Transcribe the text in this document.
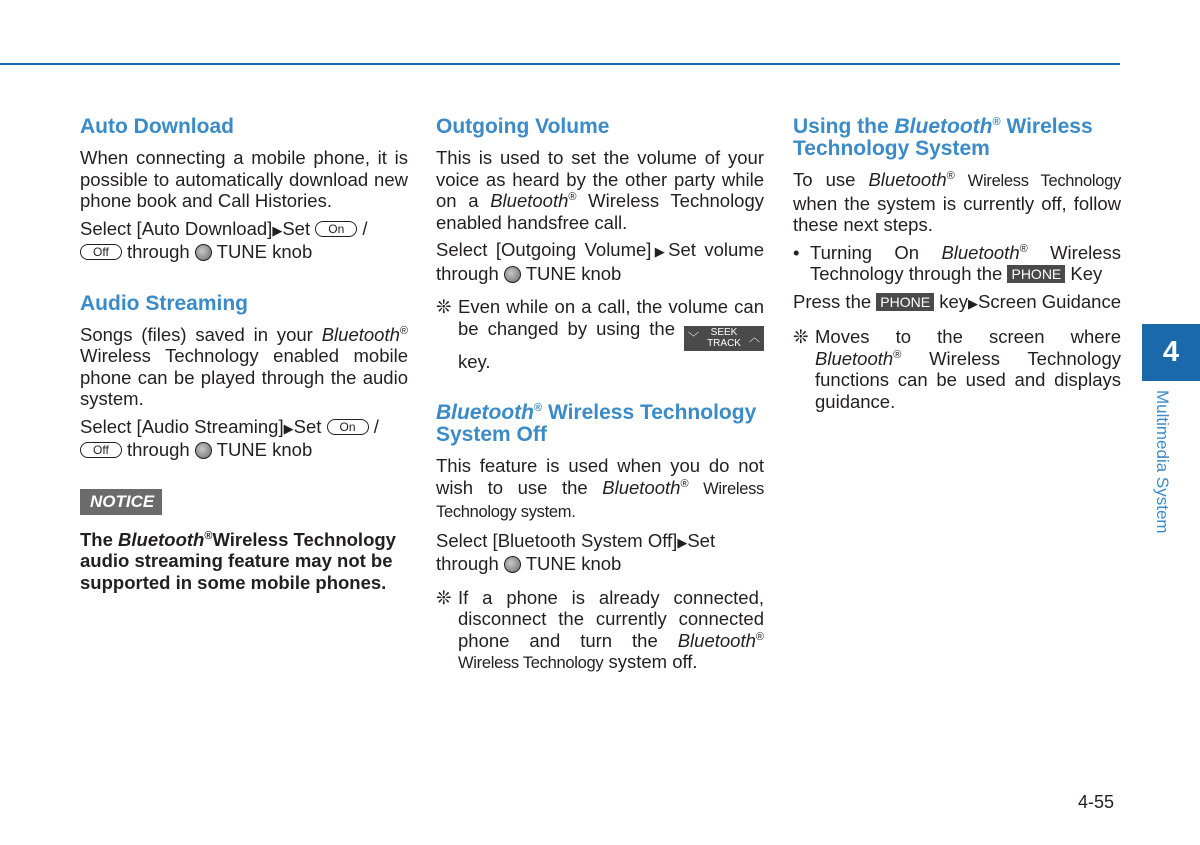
Auto Download

When connecting a mobile phone, it is possible to automatically download new phone book and Call Histories.

Select [Auto Download]▶Set On / Off through TUNE knob

Audio Streaming

Songs (files) saved in your Bluetooth® Wireless Technology enabled mobile phone can be played through the audio system.

Select [Audio Streaming]▶Set On / Off through TUNE knob

NOTICE

The Bluetooth®Wireless Technology audio streaming feature may not be supported in some mobile phones.

Outgoing Volume

This is used to set the volume of your voice as heard by the other party while on a Bluetooth® Wireless Technology enabled handsfree call.

Select [Outgoing Volume]▶Set volume through TUNE knob

❊ Even while on a call, the volume can be changed by using the ﹀	SEEK
TRACK
︿
key.
Bluetooth® Wireless Technology System Off

This feature is used when you do not wish to use the Bluetooth® Wireless Technology system.

Select [Bluetooth System Off]▶Set through TUNE knob

❊ If a phone is already connected, disconnect the currently connected phone and turn the Bluetooth® Wireless Technology system off.
Using the Bluetooth® Wireless Technology System

To use Bluetooth® Wireless Technology when the system is currently off, follow these next steps.

• Turning On Bluetooth® Wireless Technology through the PHONE Key

Press the PHONE key▶Screen Guidance

❊ Moves to the screen where Bluetooth® Wireless Technology functions can be used and displays guidance.
4
Multimedia System
4-55
